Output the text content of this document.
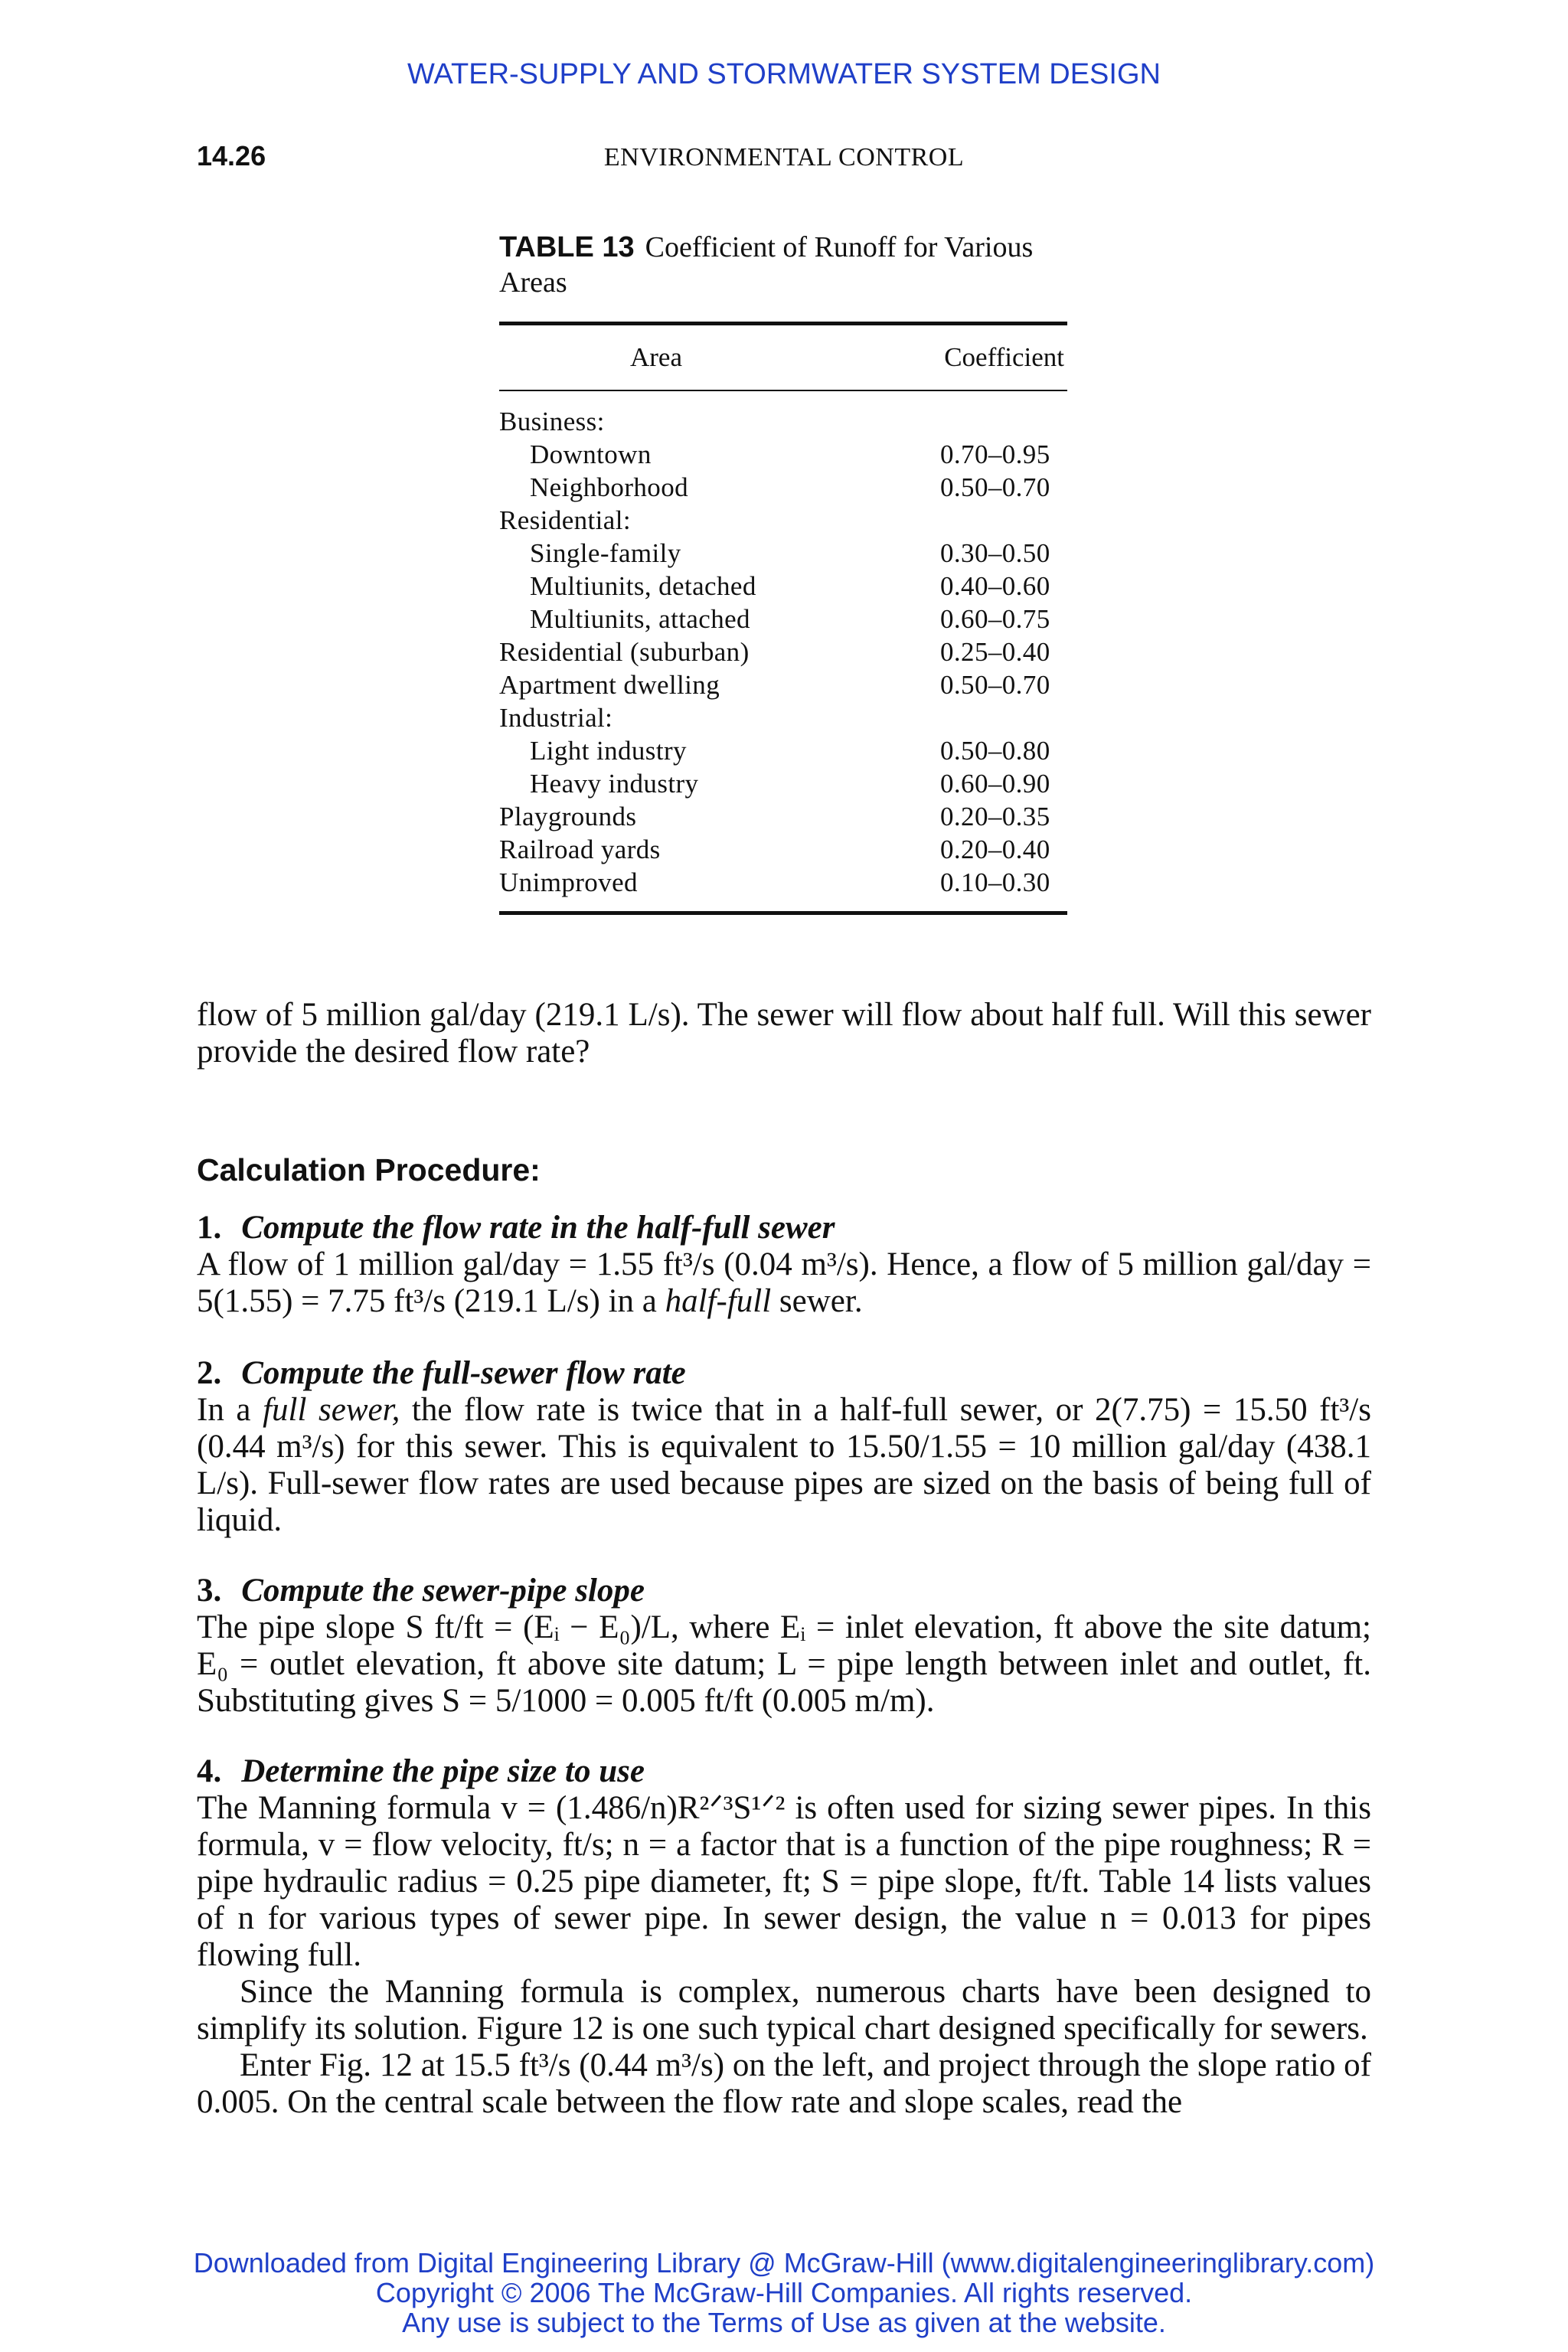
WATER-SUPPLY AND STORMWATER SYSTEM DESIGN
14.26	ENVIRONMENTAL CONTROL
TABLE 13 Coefficient of Runoff for Various Areas
Area	Coefficient
Business:
Downtown	0.70–0.95
Neighborhood	0.50–0.70
Residential:
Single-family	0.30–0.50
Multiunits, detached	0.40–0.60
Multiunits, attached	0.60–0.75
Residential (suburban)	0.25–0.40
Apartment dwelling	0.50–0.70
Industrial:
Light industry	0.50–0.80
Heavy industry	0.60–0.90
Playgrounds	0.20–0.35
Railroad yards	0.20–0.40
Unimproved	0.10–0.30

flow of 5 million gal/day (219.1 L/s). The sewer will flow about half full. Will this sewer provide the desired flow rate?

Calculation Procedure:

1. Compute the flow rate in the half-full sewer

A flow of 1 million gal/day = 1.55 ft³/s (0.04 m³/s). Hence, a flow of 5 million gal/day = 5(1.55) = 7.75 ft³/s (219.1 L/s) in a half-full sewer.

2. Compute the full-sewer flow rate

In a full sewer, the flow rate is twice that in a half-full sewer, or 2(7.75) = 15.50 ft³/s (0.44 m³/s) for this sewer. This is equivalent to 15.50/1.55 = 10 million gal/day (438.1 L/s). Full-sewer flow rates are used because pipes are sized on the basis of being full of liquid.

3. Compute the sewer-pipe slope

The pipe slope S ft/ft = (Eᵢ − E₀)/L, where Eᵢ = inlet elevation, ft above the site datum; E₀ = outlet elevation, ft above site datum; L = pipe length between inlet and outlet, ft. Substituting gives S = 5/1000 = 0.005 ft/ft (0.005 m/m).

4. Determine the pipe size to use

The Manning formula v = (1.486/n)R²ᐟ³S¹ᐟ² is often used for sizing sewer pipes. In this formula, v = flow velocity, ft/s; n = a factor that is a function of the pipe roughness; R = pipe hydraulic radius = 0.25 pipe diameter, ft; S = pipe slope, ft/ft. Table 14 lists values of n for various types of sewer pipe. In sewer design, the value n = 0.013 for pipes flowing full.

Since the Manning formula is complex, numerous charts have been designed to simplify its solution. Figure 12 is one such typical chart designed specifically for sewers.

Enter Fig. 12 at 15.5 ft³/s (0.44 m³/s) on the left, and project through the slope ratio of 0.005. On the central scale between the flow rate and slope scales, read the

Downloaded from Digital Engineering Library @ McGraw-Hill (www.digitalengineeringlibrary.com)
Copyright © 2006 The McGraw-Hill Companies. All rights reserved.
Any use is subject to the Terms of Use as given at the website.
